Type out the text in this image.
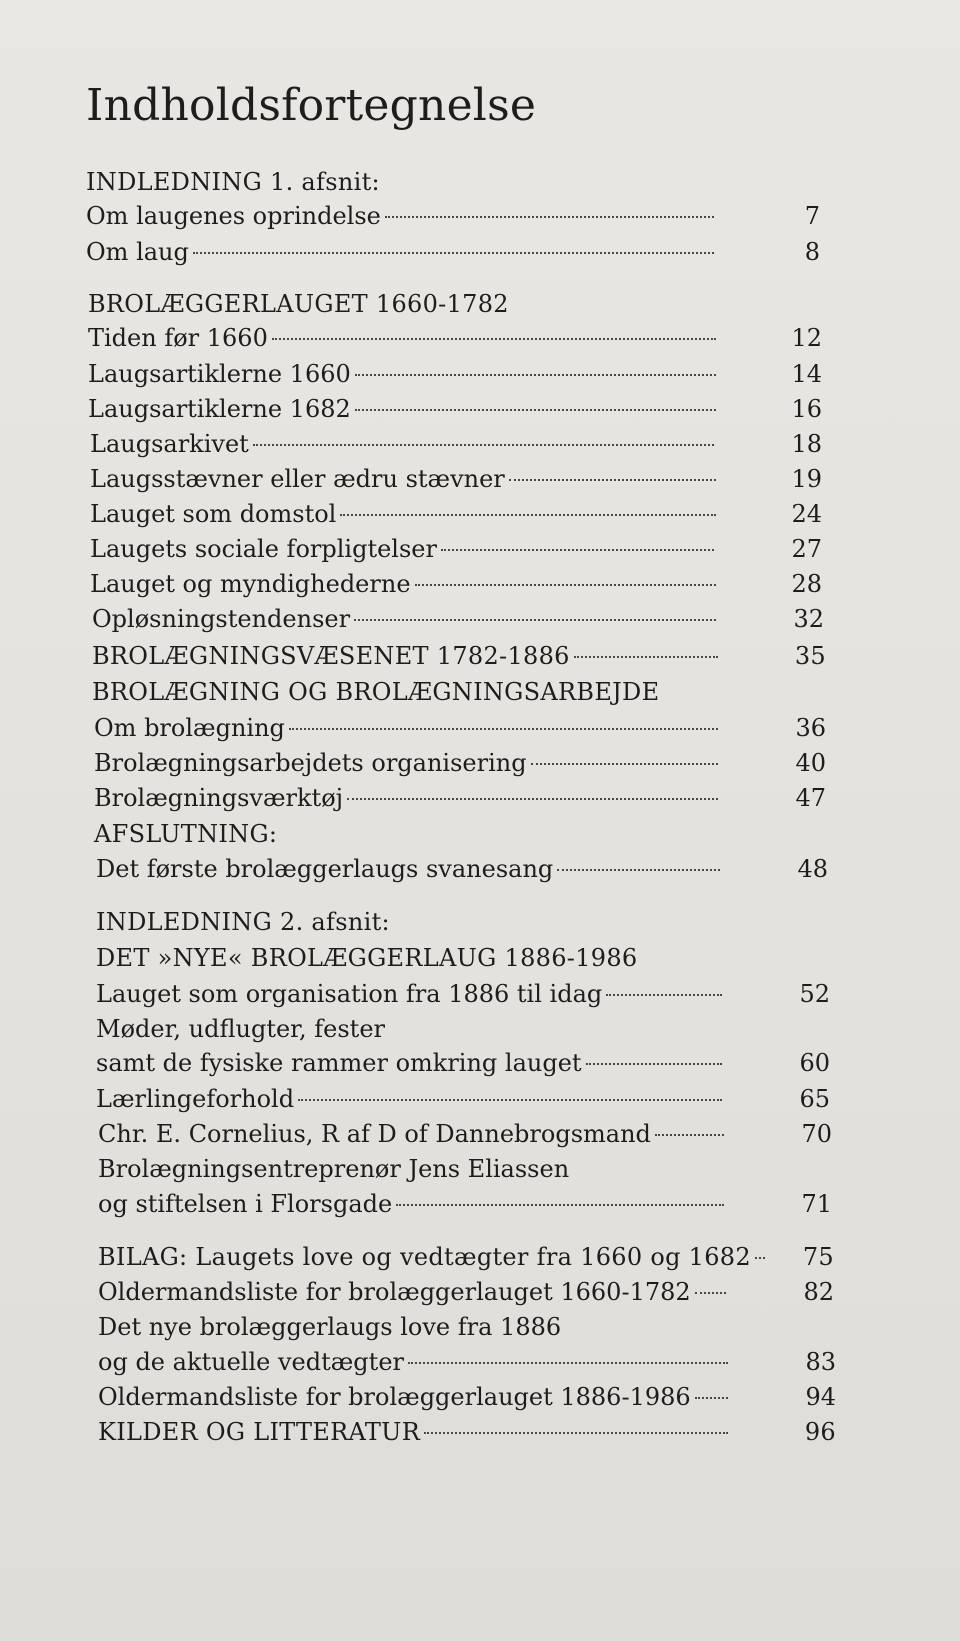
Indholdsfortegnelse
INDLEDNING 1. afsnit:
Om laugenes oprindelse	7
Om laug	8
BROLÆGGERLAUGET 1660-1782
Tiden før 1660	12
Laugsartiklerne 1660	14
Laugsartiklerne 1682	16
Laugsarkivet	18
Laugsstævner eller ædru stævner	19
Lauget som domstol	24
Laugets sociale forpligtelser	27
Lauget og myndighederne	28
Opløsningstendenser	32
BROLÆGNINGSVÆSENET 1782-1886	35
BROLÆGNING OG BROLÆGNINGSARBEJDE
Om brolægning	36
Brolægningsarbejdets organisering	40
Brolægningsværktøj	47
AFSLUTNING:
Det første brolæggerlaugs svanesang	48
INDLEDNING 2. afsnit:
DET »NYE« BROLÆGGERLAUG 1886-1986
Lauget som organisation fra 1886 til idag	52
Møder, udflugter, fester
samt de fysiske rammer omkring lauget	60
Lærlingeforhold	65
Chr. E. Cornelius, R af D of Dannebrogsmand	70
Brolægningsentreprenør Jens Eliassen
og stiftelsen i Florsgade	71
BILAG: Laugets love og vedtægter fra 1660 og 1682	75
Oldermandsliste for brolæggerlauget 1660-1782	82
Det nye brolæggerlaugs love fra 1886
og de aktuelle vedtægter	83
Oldermandsliste for brolæggerlauget 1886-1986	94
KILDER OG LITTERATUR	96
